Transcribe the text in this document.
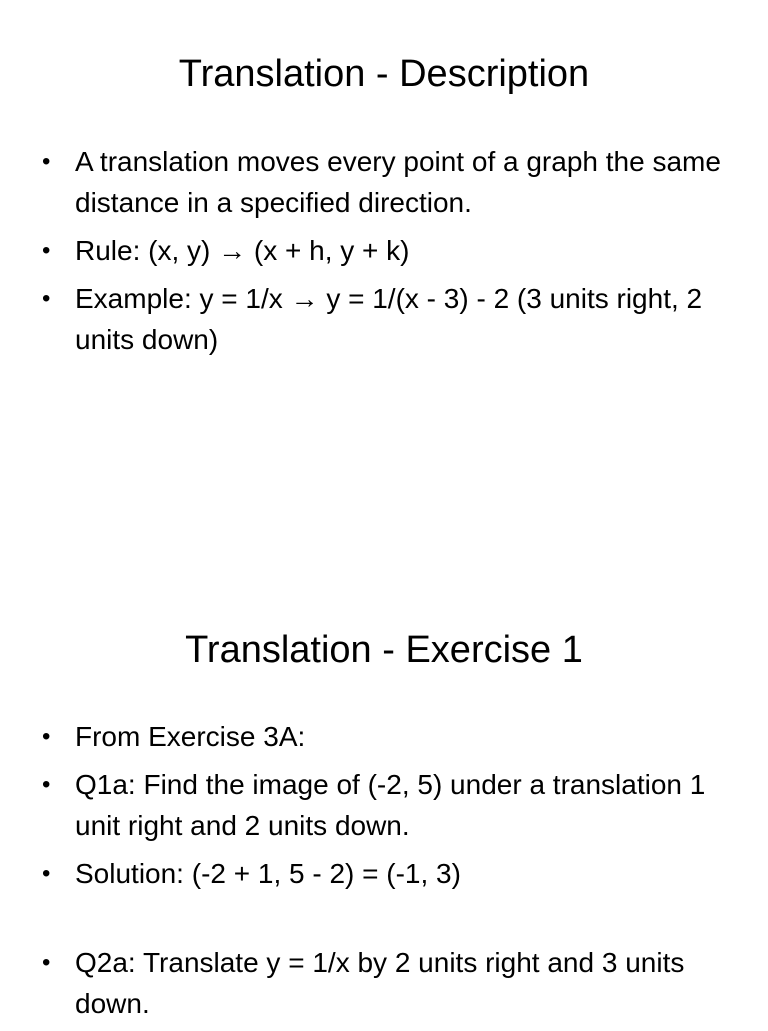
Translation - Description
• A translation moves every point of a graph the same distance in a specified direction.
• Rule: (x, y) → (x + h, y + k)
• Example: y = 1/x → y = 1/(x - 3) - 2 (3 units right, 2 units down)
Translation - Exercise 1
• From Exercise 3A:
• Q1a: Find the image of (-2, 5) under a translation 1 unit right and 2 units down.
• Solution: (-2 + 1, 5 - 2) = (-1, 3)
• Q2a: Translate y = 1/x by 2 units right and 3 units down.
